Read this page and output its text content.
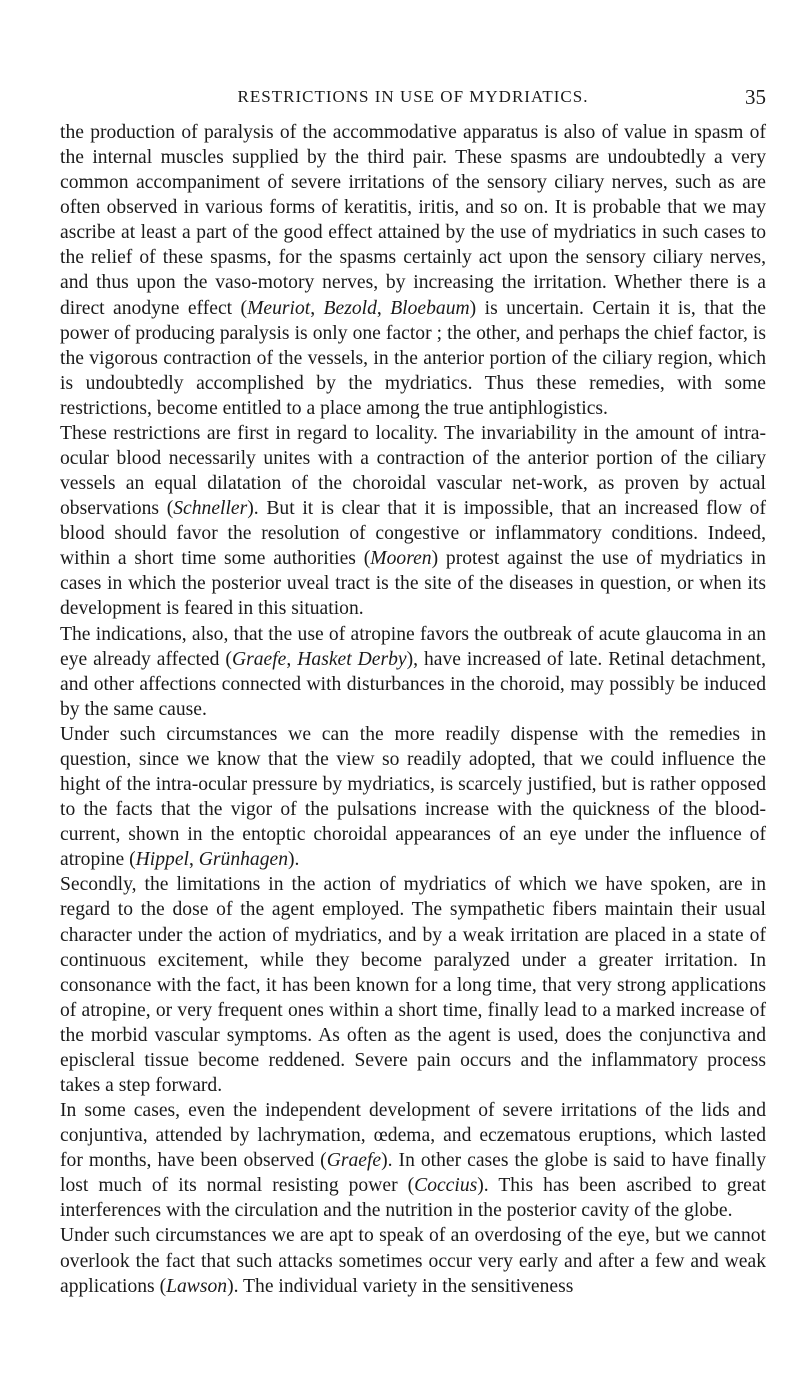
RESTRICTIONS IN USE OF MYDRIATICS.	35

the production of paralysis of the accommodative apparatus is also of value in spasm of the internal muscles supplied by the third pair. These spasms are undoubtedly a very common accompaniment of severe irritations of the sensory ciliary nerves, such as are often observed in various forms of keratitis, iritis, and so on. It is probable that we may ascribe at least a part of the good effect attained by the use of mydriatics in such cases to the relief of these spasms, for the spasms certainly act upon the sensory ciliary nerves, and thus upon the vaso-motory nerves, by increasing the irritation. Whether there is a direct anodyne effect (Meuriot, Bezold, Bloebaum) is uncertain. Certain it is, that the power of producing paralysis is only one factor ; the other, and perhaps the chief factor, is the vigorous contraction of the vessels, in the anterior portion of the ciliary region, which is undoubtedly accomplished by the mydriatics. Thus these remedies, with some restrictions, become entitled to a place among the true antiphlogistics.

These restrictions are first in regard to locality. The invariability in the amount of intra-ocular blood necessarily unites with a contraction of the anterior portion of the ciliary vessels an equal dilatation of the choroidal vascular net-work, as proven by actual observations (Schneller). But it is clear that it is impossible, that an increased flow of blood should favor the resolution of congestive or inflammatory conditions. Indeed, within a short time some authorities (Mooren) protest against the use of mydriatics in cases in which the posterior uveal tract is the site of the diseases in question, or when its development is feared in this situation.

The indications, also, that the use of atropine favors the outbreak of acute glaucoma in an eye already affected (Graefe, Hasket Derby), have increased of late. Retinal detachment, and other affections connected with disturbances in the choroid, may possibly be induced by the same cause.

Under such circumstances we can the more readily dispense with the remedies in question, since we know that the view so readily adopted, that we could influence the hight of the intra-ocular pressure by mydriatics, is scarcely justified, but is rather opposed to the facts that the vigor of the pulsations increase with the quickness of the blood-current, shown in the entoptic choroidal appearances of an eye under the influence of atropine (Hippel, Grünhagen).

Secondly, the limitations in the action of mydriatics of which we have spoken, are in regard to the dose of the agent employed. The sympathetic fibers maintain their usual character under the action of mydriatics, and by a weak irritation are placed in a state of continuous excitement, while they become paralyzed under a greater irritation. In consonance with the fact, it has been known for a long time, that very strong applications of atropine, or very frequent ones within a short time, finally lead to a marked increase of the morbid vascular symptoms. As often as the agent is used, does the conjunctiva and episcleral tissue become reddened. Severe pain occurs and the inflammatory process takes a step forward.

In some cases, even the independent development of severe irritations of the lids and conjuntiva, attended by lachrymation, œdema, and eczematous eruptions, which lasted for months, have been observed (Graefe). In other cases the globe is said to have finally lost much of its normal resisting power (Coccius). This has been ascribed to great interferences with the circulation and the nutrition in the posterior cavity of the globe.

Under such circumstances we are apt to speak of an overdosing of the eye, but we cannot overlook the fact that such attacks sometimes occur very early and after a few and weak applications (Lawson). The individual variety in the sensitiveness
